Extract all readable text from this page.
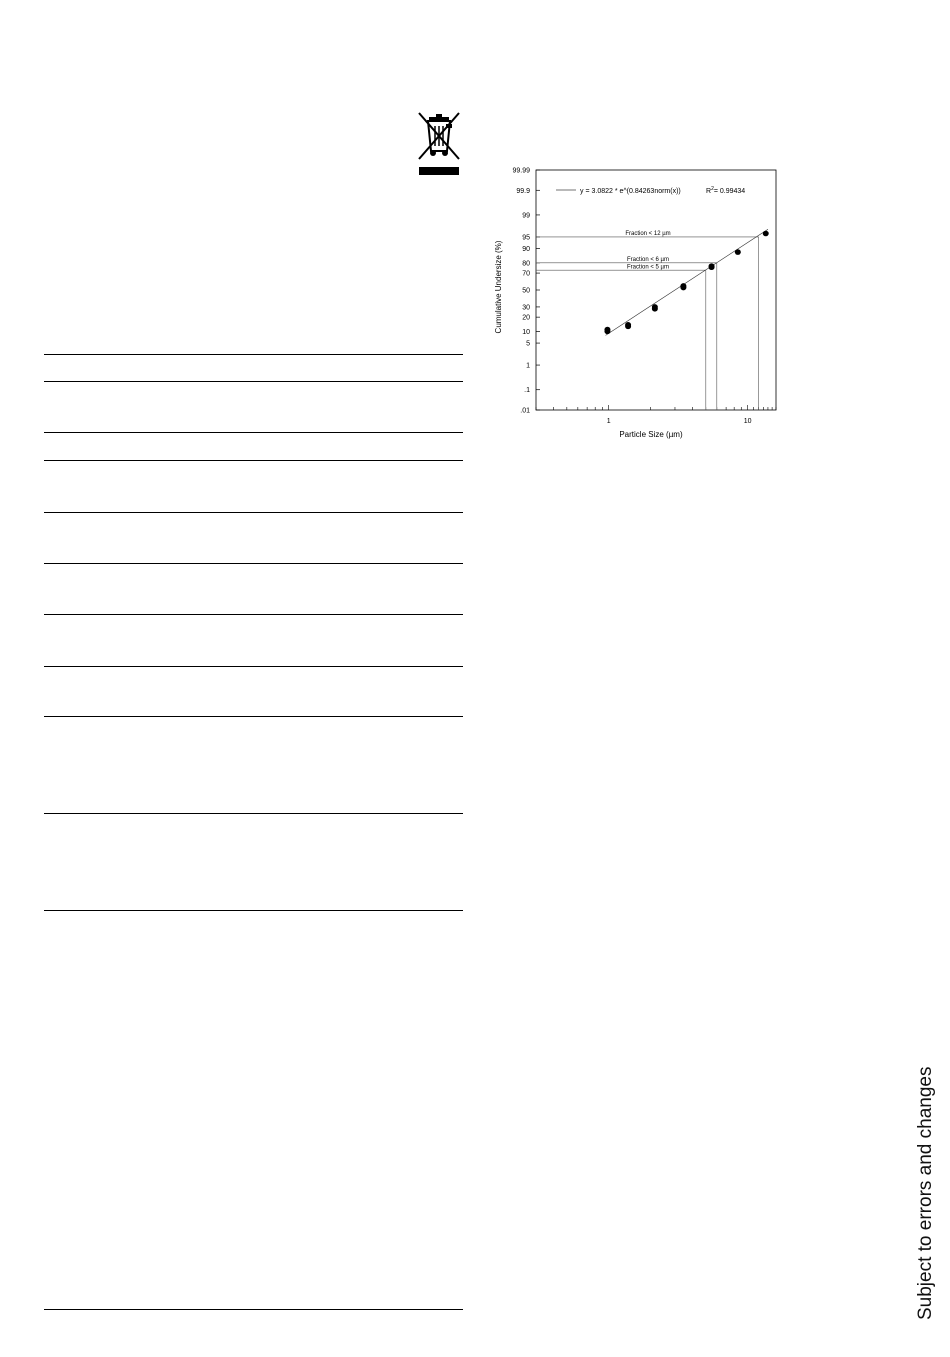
.01
.1
1
5
10
20
30
50
70
80
90
95
99
99.9
99.99
1	10
Fraction < 12 µm
Fraction < 6 µm
Fraction < 5 µm
y = 3.0822 * e^(0.84263norm(x))	$R^2= 0.99434$
Particle Size (µm)
Cumulative Undersize (%)
Subject to errors and changes
